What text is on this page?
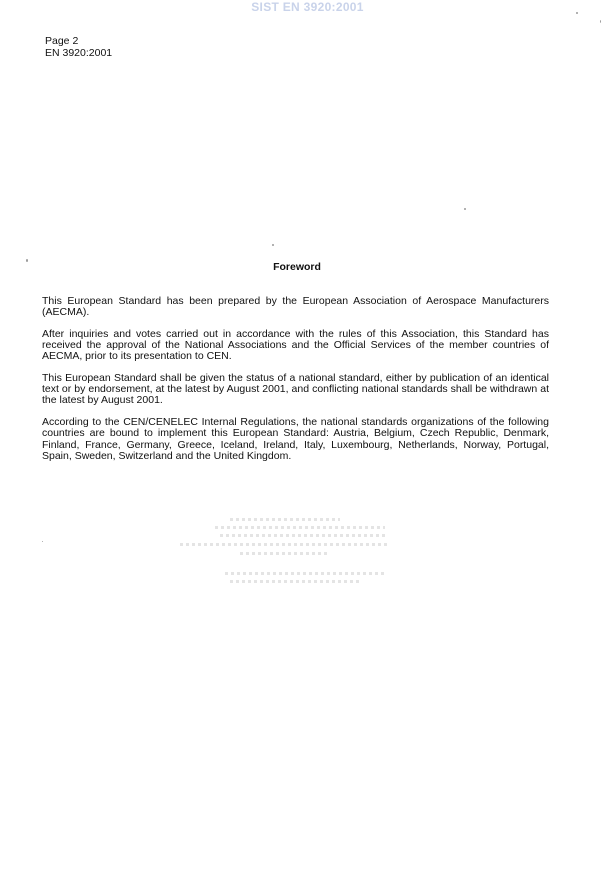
SIST EN 3920:2001
Page 2
EN 3920:2001
Foreword

This European Standard has been prepared by the European Association of Aerospace Manufacturers (AECMA).

After inquiries and votes carried out in accordance with the rules of this Association, this Standard has received the approval of the National Associations and the Official Services of the member countries of AECMA, prior to its presentation to CEN.

This European Standard shall be given the status of a national standard, either by publication of an identical text or by endorsement, at the latest by August 2001, and conflicting national standards shall be withdrawn at the latest by August 2001.

According to the CEN/CENELEC Internal Regulations, the national standards organizations of the following countries are bound to implement this European Standard: Austria, Belgium, Czech Republic, Denmark, Finland, France, Germany, Greece, Iceland, Ireland, Italy, Luxembourg, Netherlands, Norway, Portugal, Spain, Sweden, Switzerland and the United Kingdom.
